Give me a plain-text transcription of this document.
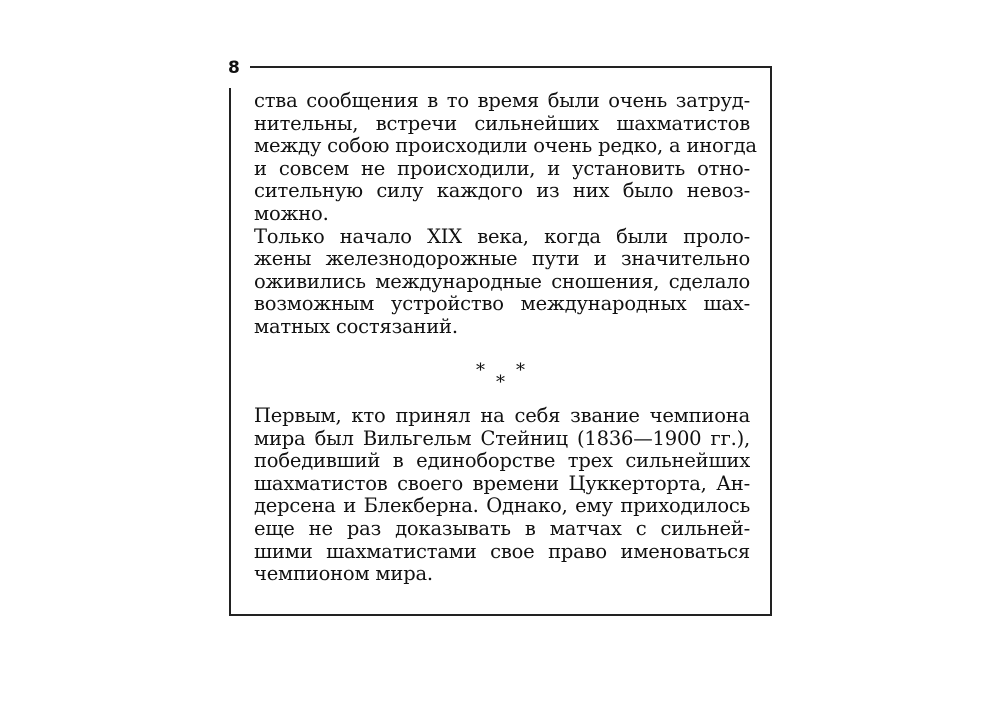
8
ства сообщения в то время были очень затруд-
нительны, встречи сильнейших шахматистов
между собою происходили очень редко, а иногда
и совсем не происходили, и установить отно-
сительную силу каждого из них было невоз-
можно.
Только начало XIX века, когда были проло-
жены железнодорожные пути и значительно
оживились международные сношения, сделало
возможным устройство международных шах-
матных состязаний.
* *
*
Первым, кто принял на себя звание чемпиона
мира был Вильгельм Стейниц (1836—1900 гг.),
победивший в единоборстве трех сильнейших
шахматистов своего времени Цуккерторта, Ан-
дерсена и Блекберна. Однако, ему приходилось
еще не раз доказывать в матчах с сильней-
шими шахматистами свое право именоваться
чемпионом мира.
